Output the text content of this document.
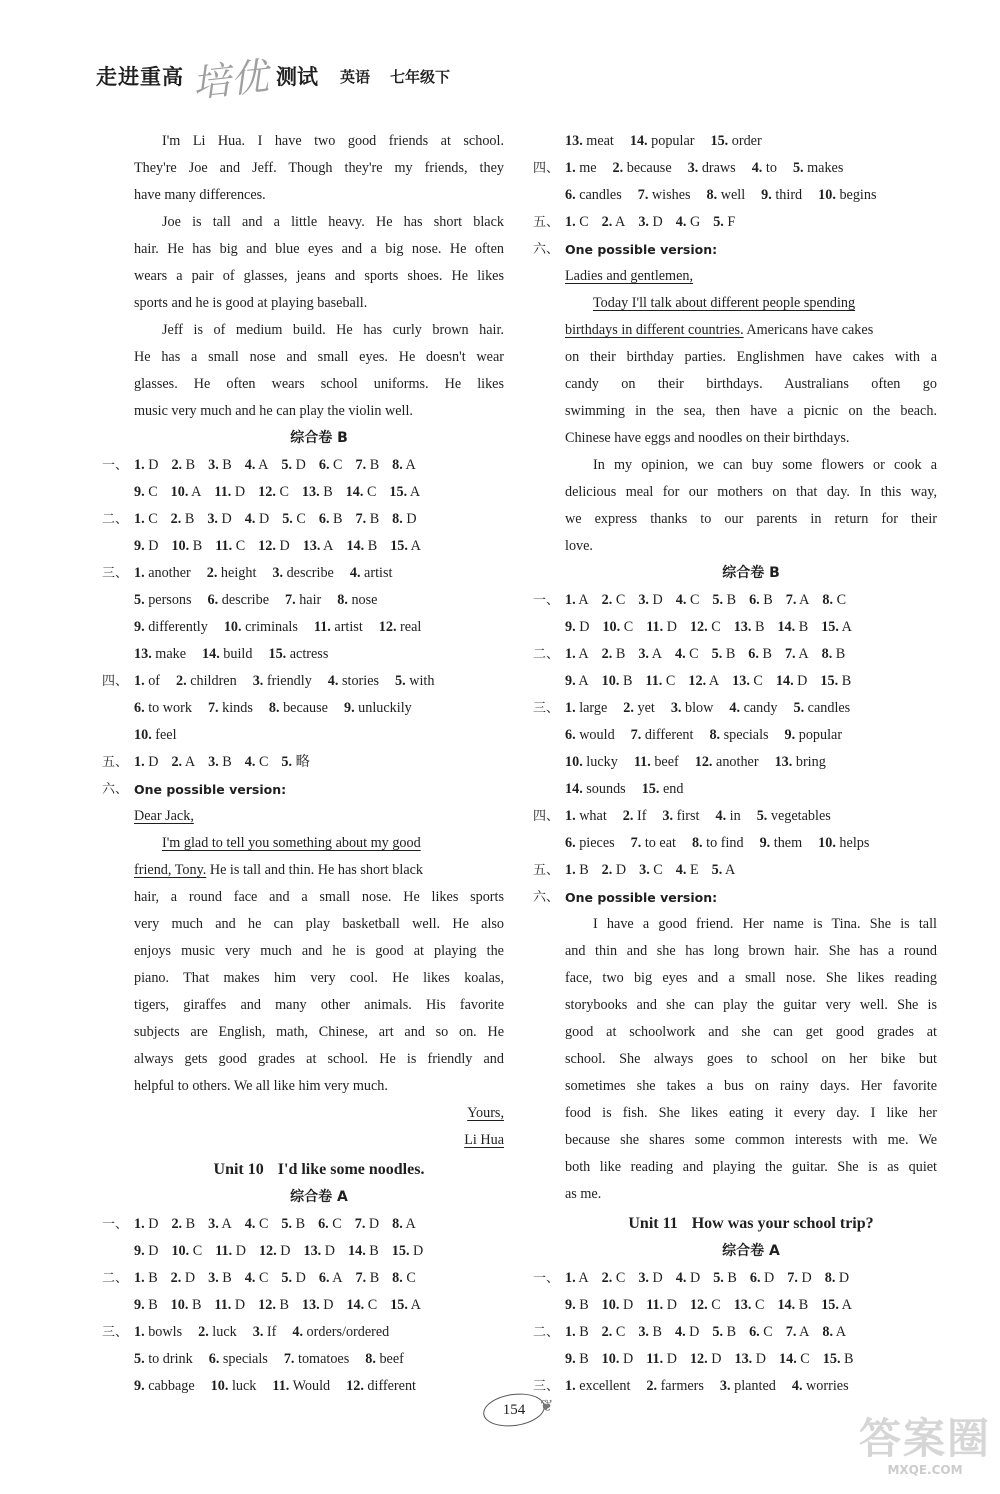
走进重高 培优 测试 英语 七年级下
I'm Li Hua. I have two good friends at school.
They're Joe and Jeff. Though they're my friends, they
have many differences.
Joe is tall and a little heavy. He has short black
hair. He has big and blue eyes and a big nose. He often
wears a pair of glasses, jeans and sports shoes. He likes
sports and he is good at playing baseball.
Jeff is of medium build. He has curly brown hair.
He has a small nose and small eyes. He doesn't wear
glasses. He often wears school uniforms. He likes
music very much and he can play the violin well.
综合卷 B
一、 1. D 2. B 3. B 4. A 5. D 6. C 7. B 8. A
9. C 10. A 11. D 12. C 13. B 14. C 15. A
二、 1. C 2. B 3. D 4. D 5. C 6. B 7. B 8. D
9. D 10. B 11. C 12. D 13. A 14. B 15. A
三、 1. another 2. height 3. describe 4. artist
5. persons 6. describe 7. hair 8. nose
9. differently 10. criminals 11. artist 12. real
13. make 14. build 15. actress
四、 1. of 2. children 3. friendly 4. stories 5. with
6. to work 7. kinds 8. because 9. unluckily
10. feel
五、 1. D 2. A 3. B 4. C 5. 略
六、 One possible version:
Dear Jack,
I'm glad to tell you something about my good
friend, Tony. He is tall and thin. He has short black
hair, a round face and a small nose. He likes sports
very much and he can play basketball well. He also
enjoys music very much and he is good at playing the
piano. That makes him very cool. He likes koalas,
tigers, giraffes and many other animals. His favorite
subjects are English, math, Chinese, art and so on. He
always gets good grades at school. He is friendly and
helpful to others. We all like him very much.
Yours,
Li Hua
Unit 10 I'd like some noodles.
综合卷 A
一、 1. D 2. B 3. A 4. C 5. B 6. C 7. D 8. A
9. D 10. C 11. D 12. D 13. D 14. B 15. D
二、 1. B 2. D 3. B 4. C 5. D 6. A 7. B 8. C
9. B 10. B 11. D 12. B 13. D 14. C 15. A
三、 1. bowls 2. luck 3. If 4. orders/ordered
5. to drink 6. specials 7. tomatoes 8. beef
9. cabbage 10. luck 11. Would 12. different
13. meat 14. popular 15. order
四、 1. me 2. because 3. draws 4. to 5. makes
6. candles 7. wishes 8. well 9. third 10. begins
五、 1. C 2. A 3. D 4. G 5. F
六、 One possible version:
Ladies and gentlemen,
Today I'll talk about different people spending
birthdays in different countries. Americans have cakes
on their birthday parties. Englishmen have cakes with a
candy on their birthdays. Australians often go
swimming in the sea, then have a picnic on the beach.
Chinese have eggs and noodles on their birthdays.
In my opinion, we can buy some flowers or cook a
delicious meal for our mothers on that day. In this way,
we express thanks to our parents in return for their
love.
综合卷 B
一、 1. A 2. C 3. D 4. C 5. B 6. B 7. A 8. C
9. D 10. C 11. D 12. C 13. B 14. B 15. A
二、 1. A 2. B 3. A 4. C 5. B 6. B 7. A 8. B
9. A 10. B 11. C 12. A 13. C 14. D 15. B
三、 1. large 2. yet 3. blow 4. candy 5. candles
6. would 7. different 8. specials 9. popular
10. lucky 11. beef 12. another 13. bring
14. sounds 15. end
四、 1. what 2. If 3. first 4. in 5. vegetables
6. pieces 7. to eat 8. to find 9. them 10. helps
五、 1. B 2. D 3. C 4. E 5. A
六、 One possible version:
I have a good friend. Her name is Tina. She is tall
and thin and she has long brown hair. She has a round
face, two big eyes and a small nose. She likes reading
storybooks and she can play the guitar very well. She is
good at schoolwork and she can get good grades at
school. She always goes to school on her bike but
sometimes she takes a bus on rainy days. Her favorite
food is fish. She likes eating it every day. I like her
because she shares some common interests with me. We
both like reading and playing the guitar. She is as quiet
as me.
Unit 11 How was your school trip?
综合卷 A
一、 1. A 2. C 3. D 4. D 5. B 6. D 7. D 8. D
9. B 10. D 11. D 12. C 13. C 14. B 15. A
二、 1. B 2. C 3. B 4. D 5. B 6. C 7. A 8. A
9. B 10. D 11. D 12. D 13. D 14. C 15. B
三、 1. excellent 2. farmers 3. planted 4. worries
154 ❦
答案圈
MXQE.COM
